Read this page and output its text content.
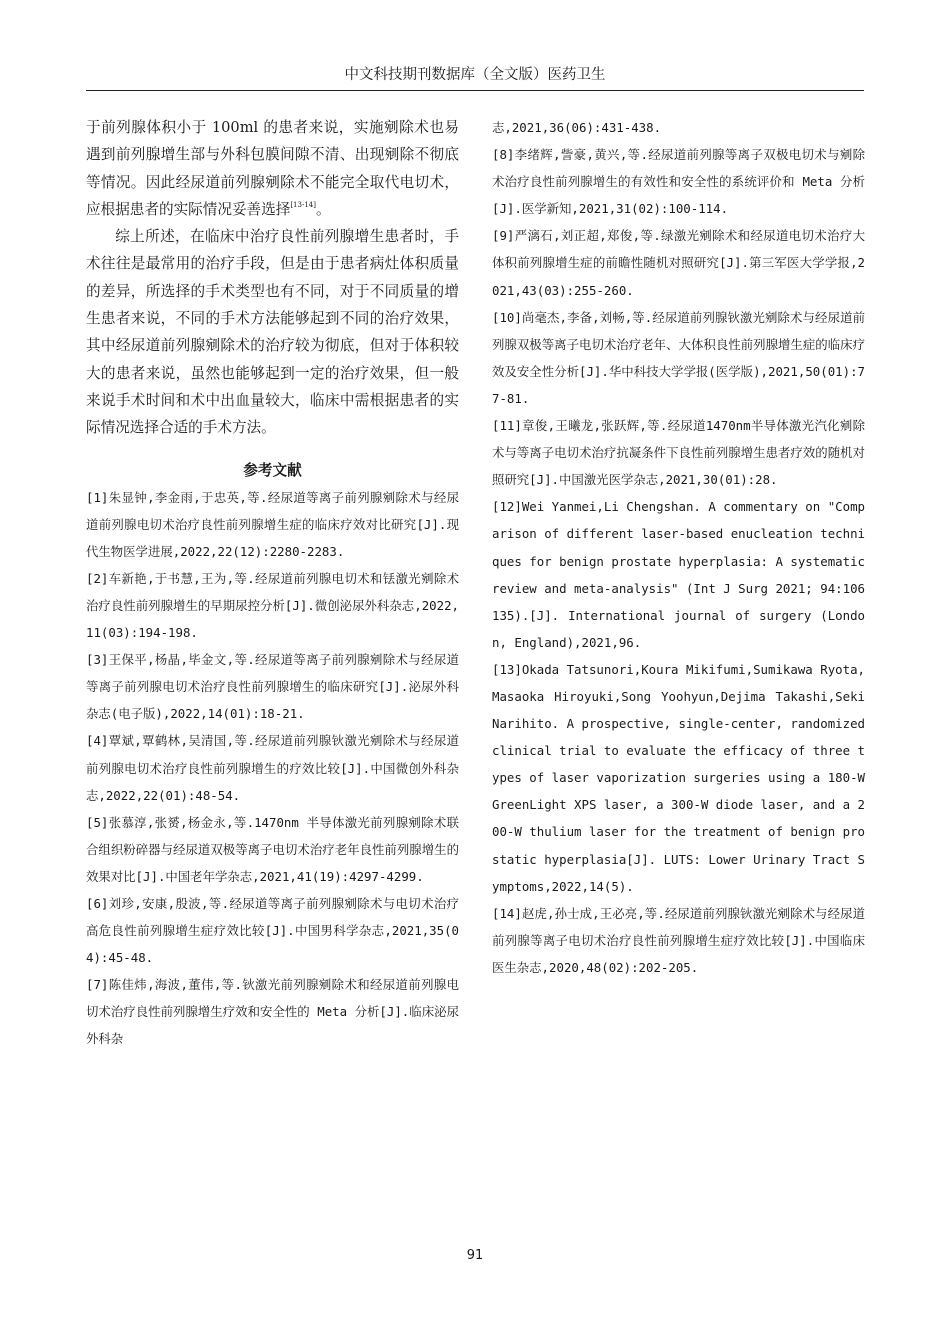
中文科技期刊数据库（全文版）医药卫生

于前列腺体积小于 100ml 的患者来说，实施剜除术也易遇到前列腺增生部与外科包膜间隙不清、出现剜除不彻底等情况。因此经尿道前列腺剜除术不能完全取代电切术，应根据患者的实际情况妥善选择[13-14]。

综上所述，在临床中治疗良性前列腺增生患者时，手术往往是最常用的治疗手段，但是由于患者病灶体积质量的差异，所选择的手术类型也有不同，对于不同质量的增生患者来说，不同的手术方法能够起到不同的治疗效果，其中经尿道前列腺剜除术的治疗较为彻底，但对于体积较大的患者来说，虽然也能够起到一定的治疗效果，但一般来说手术时间和术中出血量较大，临床中需根据患者的实际情况选择合适的手术方法。

参考文献

[1]朱显钟,李金雨,于忠英,等.经尿道等离子前列腺剜除术与经尿道前列腺电切术治疗良性前列腺增生症的临床疗效对比研究[J].现代生物医学进展,2022,22(12):2280-2283.

[2]车新艳,于书慧,王为,等.经尿道前列腺电切术和铥激光剜除术治疗良性前列腺增生的早期尿控分析[J].微创泌尿外科杂志,2022,11(03):194-198.

[3]王保平,杨晶,毕金文,等.经尿道等离子前列腺剜除术与经尿道等离子前列腺电切术治疗良性前列腺增生的临床研究[J].泌尿外科杂志(电子版),2022,14(01):18-21.

[4]覃斌,覃鹤林,吴清国,等.经尿道前列腺钬激光剜除术与经尿道前列腺电切术治疗良性前列腺增生的疗效比较[J].中国微创外科杂志,2022,22(01):48-54.

[5]张慕淳,张赟,杨金永,等.1470nm 半导体激光前列腺剜除术联合组织粉碎器与经尿道双极等离子电切术治疗老年良性前列腺增生的效果对比[J].中国老年学杂志,2021,41(19):4297-4299.

[6]刘珍,安康,殷波,等.经尿道等离子前列腺剜除术与电切术治疗高危良性前列腺增生症疗效比较[J].中国男科学杂志,2021,35(04):45-48.

[7]陈佳炜,海波,董伟,等.钬激光前列腺剜除术和经尿道前列腺电切术治疗良性前列腺增生疗效和安全性的 Meta 分析[J].临床泌尿外科杂

志,2021,36(06):431-438.

[8]李绪辉,訾豪,黄兴,等.经尿道前列腺等离子双极电切术与剜除术治疗良性前列腺增生的有效性和安全性的系统评价和 Meta 分析[J].医学新知,2021,31(02):100-114.

[9]严漓石,刘正超,郑俊,等.绿激光剜除术和经尿道电切术治疗大体积前列腺增生症的前瞻性随机对照研究[J].第三军医大学学报,2021,43(03):255-260.

[10]尚毫杰,李备,刘畅,等.经尿道前列腺钬激光剜除术与经尿道前列腺双极等离子电切术治疗老年、大体积良性前列腺增生症的临床疗效及安全性分析[J].华中科技大学学报(医学版),2021,50(01):77-81.

[11]章俊,王曦龙,张跃辉,等.经尿道1470nm半导体激光汽化剜除术与等离子电切术治疗抗凝条件下良性前列腺增生患者疗效的随机对照研究[J].中国激光医学杂志,2021,30(01):28.

[12]Wei Yanmei,Li Chengshan. A commentary on "Comparison of different laser-based enucleation techniques for benign prostate hyperplasia: A systematic review and meta-analysis" (Int J Surg 2021; 94:106135).[J]. International journal of surgery (London, England),2021,96.

[13]Okada Tatsunori,Koura Mikifumi,Sumikawa Ryota,Masaoka Hiroyuki,Song Yoohyun,Dejima Takashi,Seki Narihito. A prospective, single-center, randomized clinical trial to evaluate the efficacy of three types of laser vaporization surgeries using a 180-W GreenLight XPS laser, a 300-W diode laser, and a 200-W thulium laser for the treatment of benign prostatic hyperplasia[J]. LUTS: Lower Urinary Tract Symptoms,2022,14(5).

[14]赵虎,孙士成,王必亮,等.经尿道前列腺钬激光剜除术与经尿道前列腺等离子电切术治疗良性前列腺增生症疗效比较[J].中国临床医生杂志,2020,48(02):202-205.

91
